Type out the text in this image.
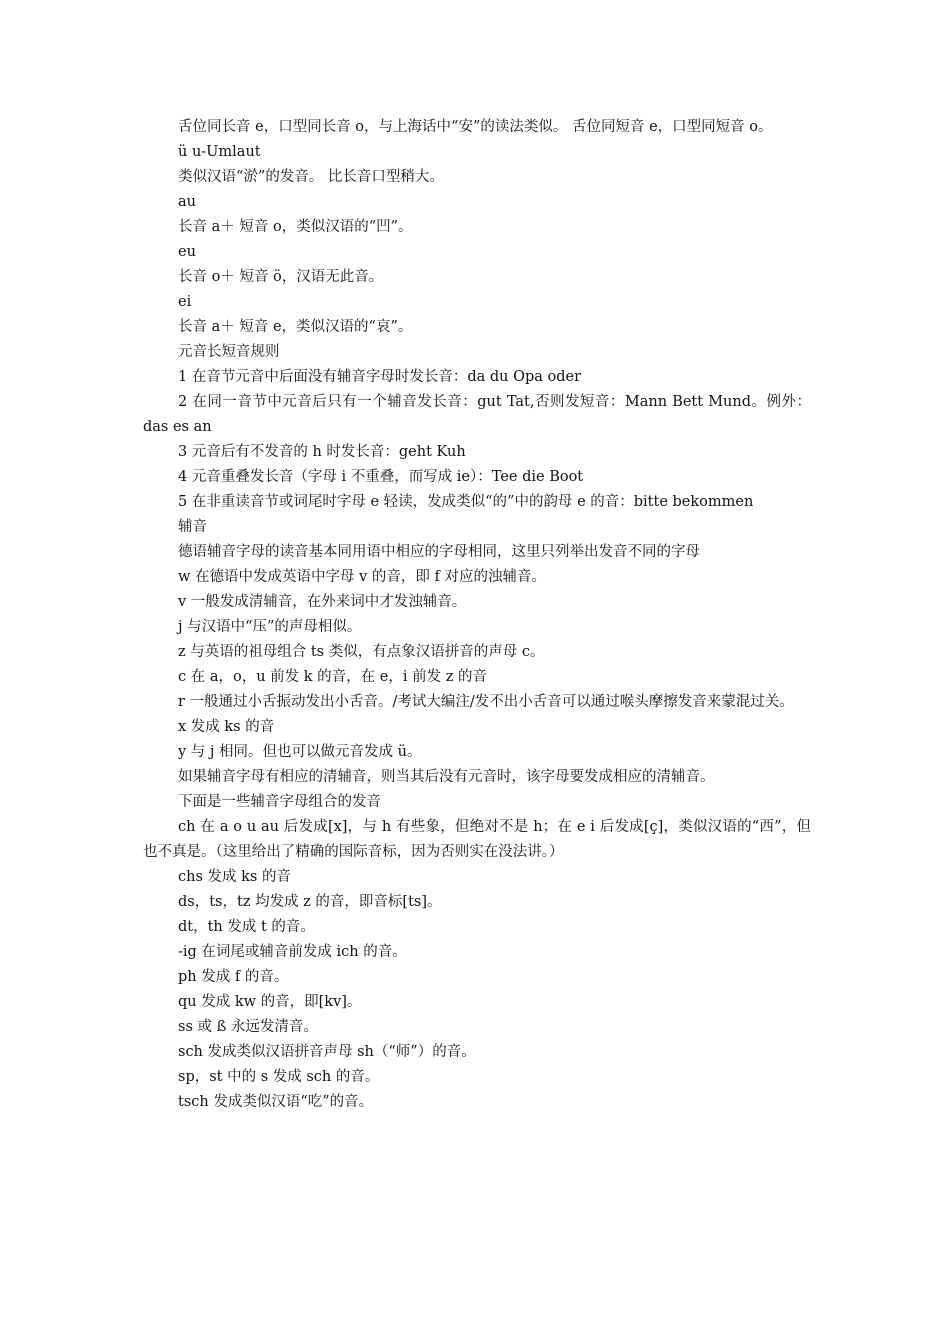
舌位同长音 e，口型同长音 o，与上海话中“安”的读法类似。 舌位同短音 e，口型同短音 o。

ü u-Umlaut

类似汉语“淤”的发音。 比长音口型稍大。

au

长音 a＋ 短音 o，类似汉语的“凹”。

eu

长音 o＋ 短音 ö，汉语无此音。

ei

长音 a＋ 短音 e，类似汉语的“哀”。

元音长短音规则

1 在音节元音中后面没有辅音字母时发长音：da du Opa oder

2 在同一音节中元音后只有一个辅音发长音：gut Tat,否则发短音：Mann Bett Mund。例外：das es an

3 元音后有不发音的 h 时发长音：geht Kuh

4 元音重叠发长音（字母 i 不重叠，而写成 ie）：Tee die Boot

5 在非重读音节或词尾时字母 e 轻读，发成类似“的”中的韵母 e 的音：bitte bekommen

辅音

德语辅音字母的读音基本同用语中相应的字母相同，这里只列举出发音不同的字母

w 在德语中发成英语中字母 v 的音，即 f 对应的浊辅音。

v 一般发成清辅音，在外来词中才发浊辅音。

j 与汉语中“压”的声母相似。

z 与英语的祖母组合 ts 类似，有点象汉语拼音的声母 c。

c 在 a，o，u 前发 k 的音，在 e，i 前发 z 的音

r 一般通过小舌振动发出小舌音。/考试大编注/发不出小舌音可以通过喉头摩擦发音来蒙混过关。

x 发成 ks 的音

y 与 j 相同。但也可以做元音发成 ü。

如果辅音字母有相应的清辅音，则当其后没有元音时，该字母要发成相应的清辅音。

下面是一些辅音字母组合的发音

ch 在 a o u au 后发成[x]，与 h 有些象，但绝对不是 h；在 e i 后发成[ç]，类似汉语的“西”，但也不真是。（这里给出了精确的国际音标，因为否则实在没法讲。）

chs 发成 ks 的音

ds，ts，tz 均发成 z 的音，即音标[ts]。

dt，th 发成 t 的音。

-ig 在词尾或辅音前发成 ich 的音。

ph 发成 f 的音。

qu 发成 kw 的音，即[kv]。

ss 或 ß 永远发清音。

sch 发成类似汉语拼音声母 sh（“师”）的音。

sp，st 中的 s 发成 sch 的音。

tsch 发成类似汉语“吃”的音。
